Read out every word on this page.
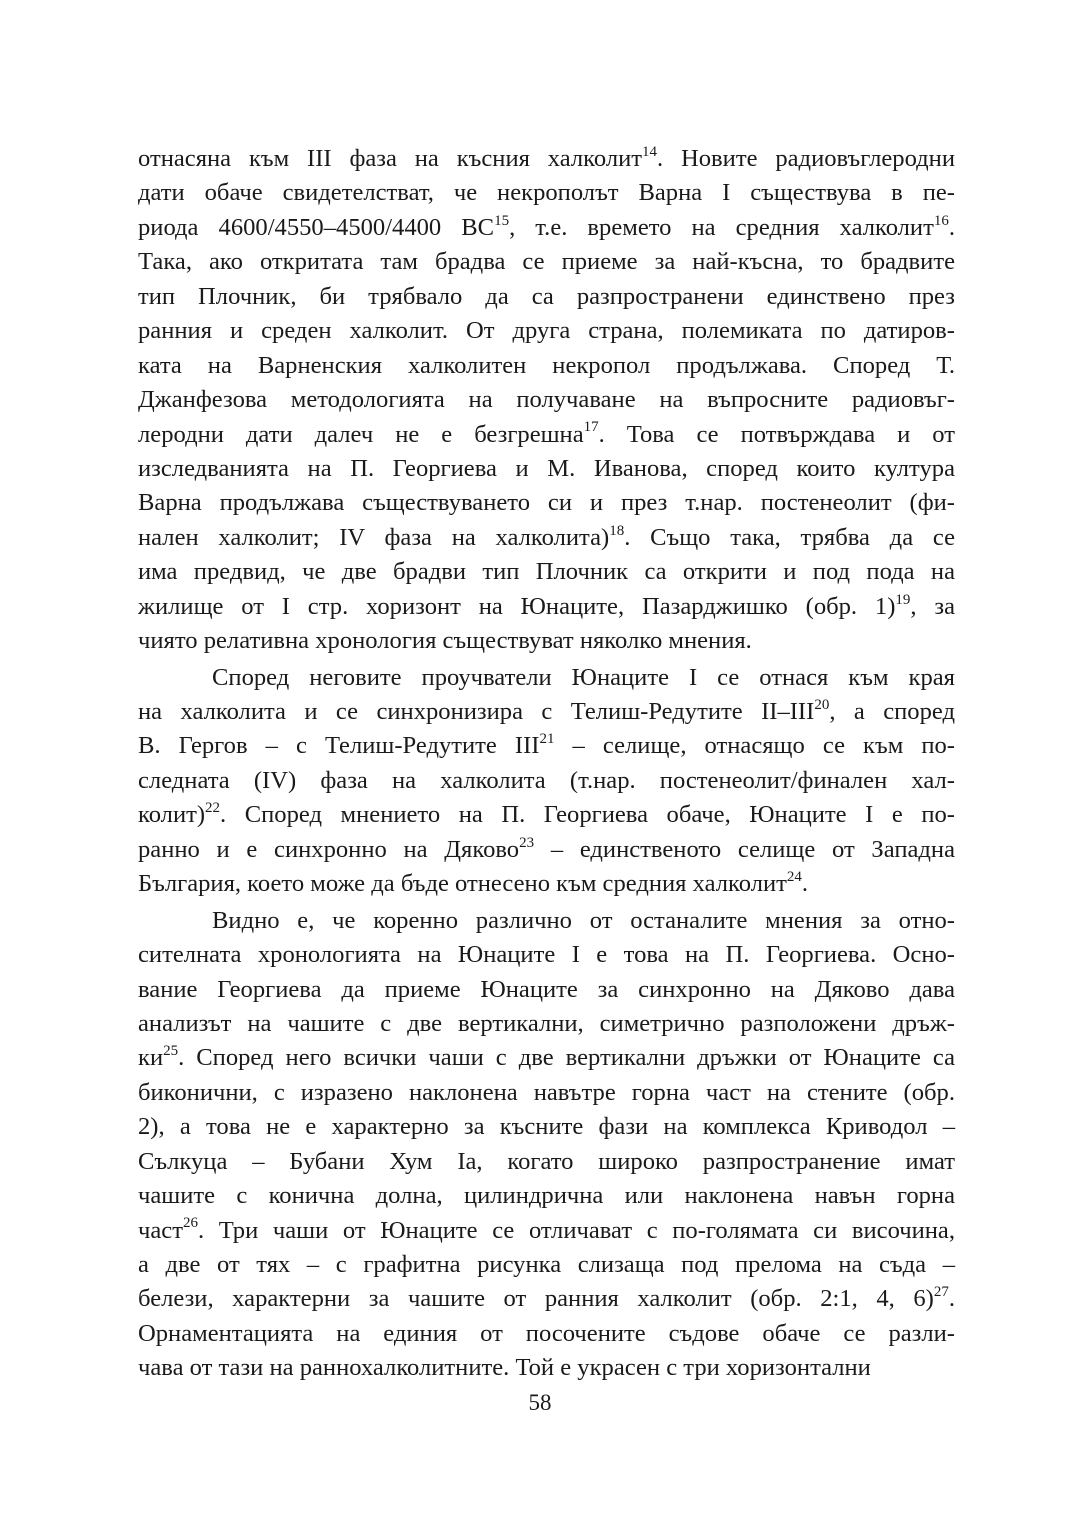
отнасяна към III фаза на късния халколит$^{14}$. Новите радиовъглеродни
дати обаче свидетелстват, че некрополът Варна I съществува в пе-
риода 4600/4550–4500/4400 BC$^{15}$, т.е. времето на средния халколит$^{16}$.
Така, ако откритата там брадва се приеме за най-късна, то брадвите
тип Плочник, би трябвало да са разпространени единствено през
ранния и среден халколит. От друга страна, полемиката по датиров-
ката на Варненския халколитен некропол продължава. Според Т.
Джанфезова методологията на получаване на въпросните радиовъг-
леродни дати далеч не е безгрешна$^{17}$. Това се потвърждава и от
изследванията на П. Георгиева и М. Иванова, според които култура
Варна продължава съществуването си и през т.нар. постенеолит (фи-
нален халколит; IV фаза на халколита)$^{18}$. Също така, трябва да се
има предвид, че две брадви тип Плочник са открити и под пода на
жилище от I стр. хоризонт на Юнаците, Пазарджишко (обр. 1)$^{19}$, за
чиято релативна хронология съществуват няколко мнения.
Според неговите проучватели Юнаците I се отнася към края
на халколита и се синхронизира с Телиш-Редутите II–III$^{20}$, а според
В. Гергов – с Телиш-Редутите III$^{21}$ – селище, отнасящо се към по-
следната (IV) фаза на халколита (т.нар. постенеолит/финален хал-
колит)$^{22}$. Според мнението на П. Георгиева обаче, Юнаците I е по-
ранно и е синхронно на Дяково$^{23}$ – единственото селище от Западна
България, което може да бъде отнесено към средния халколит$^{24}$.
Видно е, че коренно различно от останалите мнения за отно-
сителната хронологията на Юнаците I е това на П. Георгиева. Осно-
вание Георгиева да приеме Юнаците за синхронно на Дяково дава
анализът на чашите с две вертикални, симетрично разположени дръж-
ки$^{25}$. Според него всички чаши с две вертикални дръжки от Юнаците са
биконични, с изразено наклонена навътре горна част на стените (обр.
2), а това не е характерно за късните фази на комплекса Криводол –
Сълкуца – Бубани Хум Iа, когато широко разпространение имат
чашите с конична долна, цилиндрична или наклонена навън горна
част$^{26}$. Три чаши от Юнаците се отличават с по-голямата си височина,
а две от тях – с графитна рисунка слизаща под прелома на съда –
белези, характерни за чашите от ранния халколит (обр. 2:1, 4, 6)$^{27}$.
Орнаментацията на единия от посочените съдове обаче се разли-
чава от тази на раннохалколитните. Той е украсен с три хоризонтални
58
